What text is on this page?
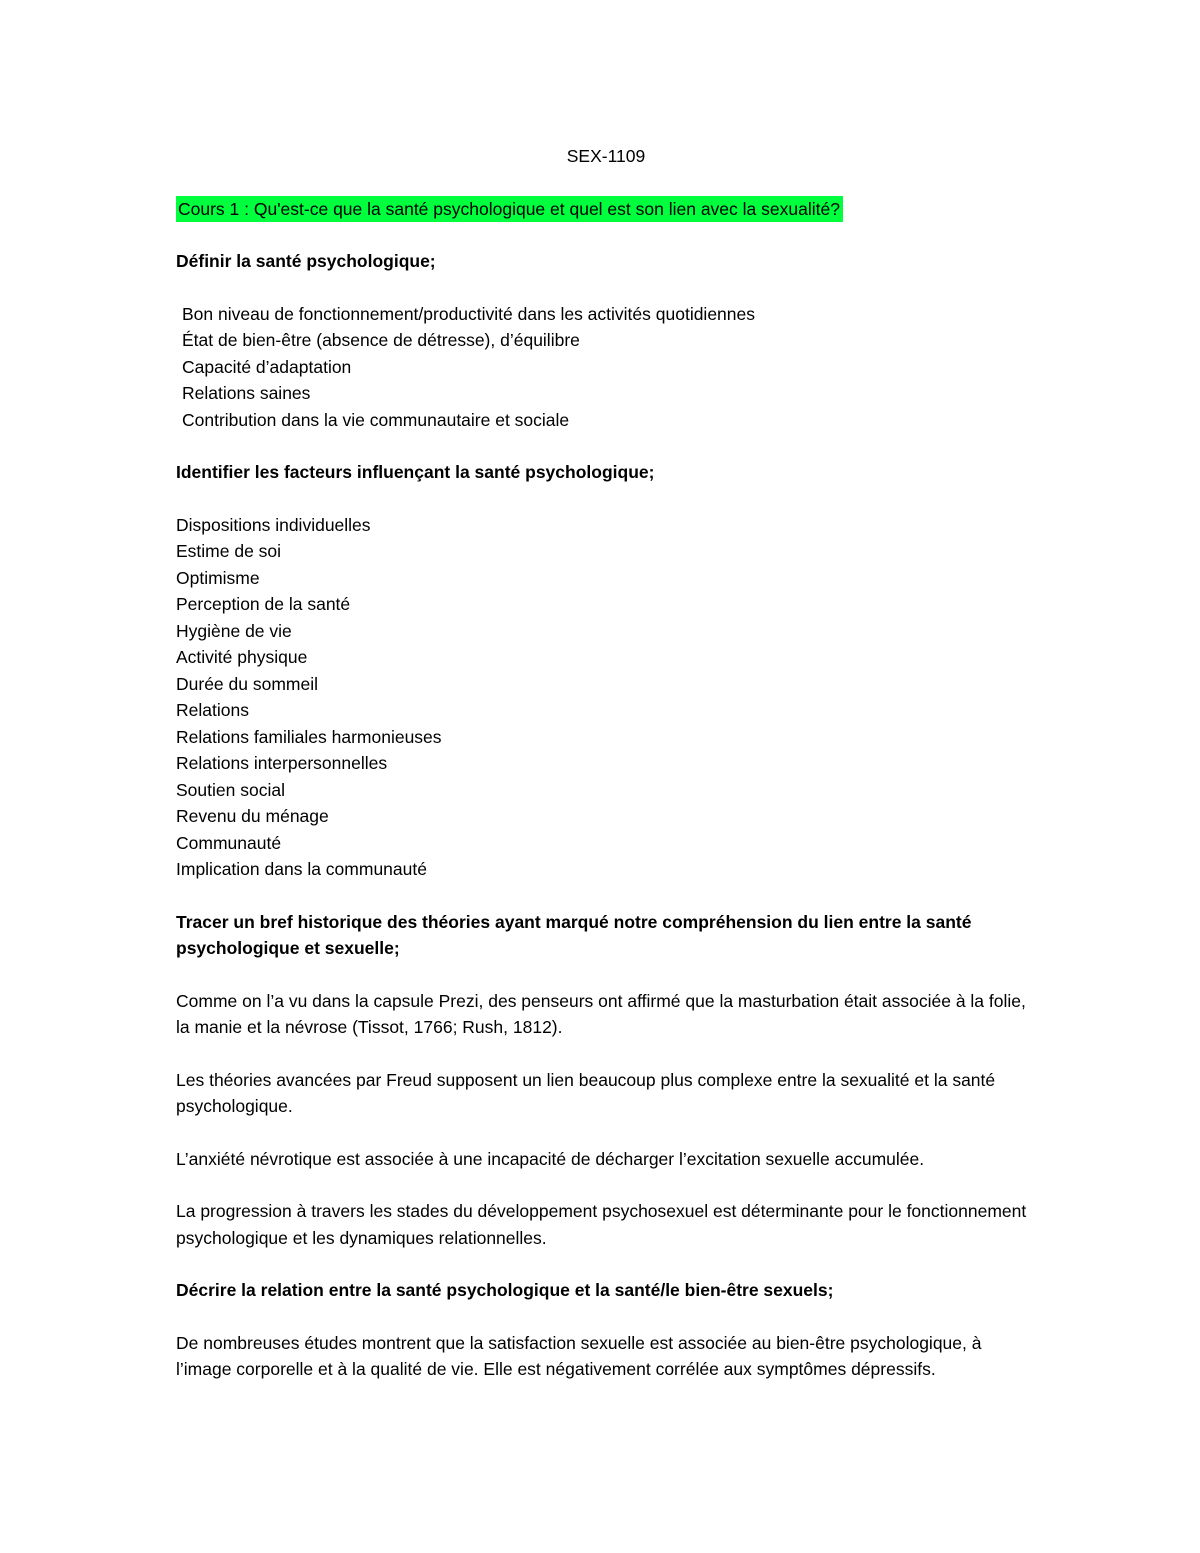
SEX-1109
Cours 1 : Qu'est-ce que la santé psychologique et quel est son lien avec la sexualité?
Définir la santé psychologique;
Bon niveau de fonctionnement/productivité dans les activités quotidiennes
État de bien-être (absence de détresse), d’équilibre
Capacité d’adaptation
Relations saines
Contribution dans la vie communautaire et sociale
Identifier les facteurs influençant la santé psychologique;
Dispositions individuelles
Estime de soi
Optimisme
Perception de la santé
Hygiène de vie
Activité physique
Durée du sommeil
Relations
Relations familiales harmonieuses
Relations interpersonnelles
Soutien social
Revenu du ménage
Communauté
Implication dans la communauté
Tracer un bref historique des théories ayant marqué notre compréhension du lien entre la santé psychologique et sexuelle;

Comme on l’a vu dans la capsule Prezi, des penseurs ont affirmé que la masturbation était associée à la folie, la manie et la névrose (Tissot, 1766; Rush, 1812).

Les théories avancées par Freud supposent un lien beaucoup plus complexe entre la sexualité et la santé psychologique.

L’anxiété névrotique est associée à une incapacité de décharger l’excitation sexuelle accumulée.

La progression à travers les stades du développement psychosexuel est déterminante pour le fonctionnement psychologique et les dynamiques relationnelles.

Décrire la relation entre la santé psychologique et la santé/le bien-être sexuels;

De nombreuses études montrent que la satisfaction sexuelle est associée au bien-être psychologique, à l’image corporelle et à la qualité de vie. Elle est négativement corrélée aux symptômes dépressifs.
